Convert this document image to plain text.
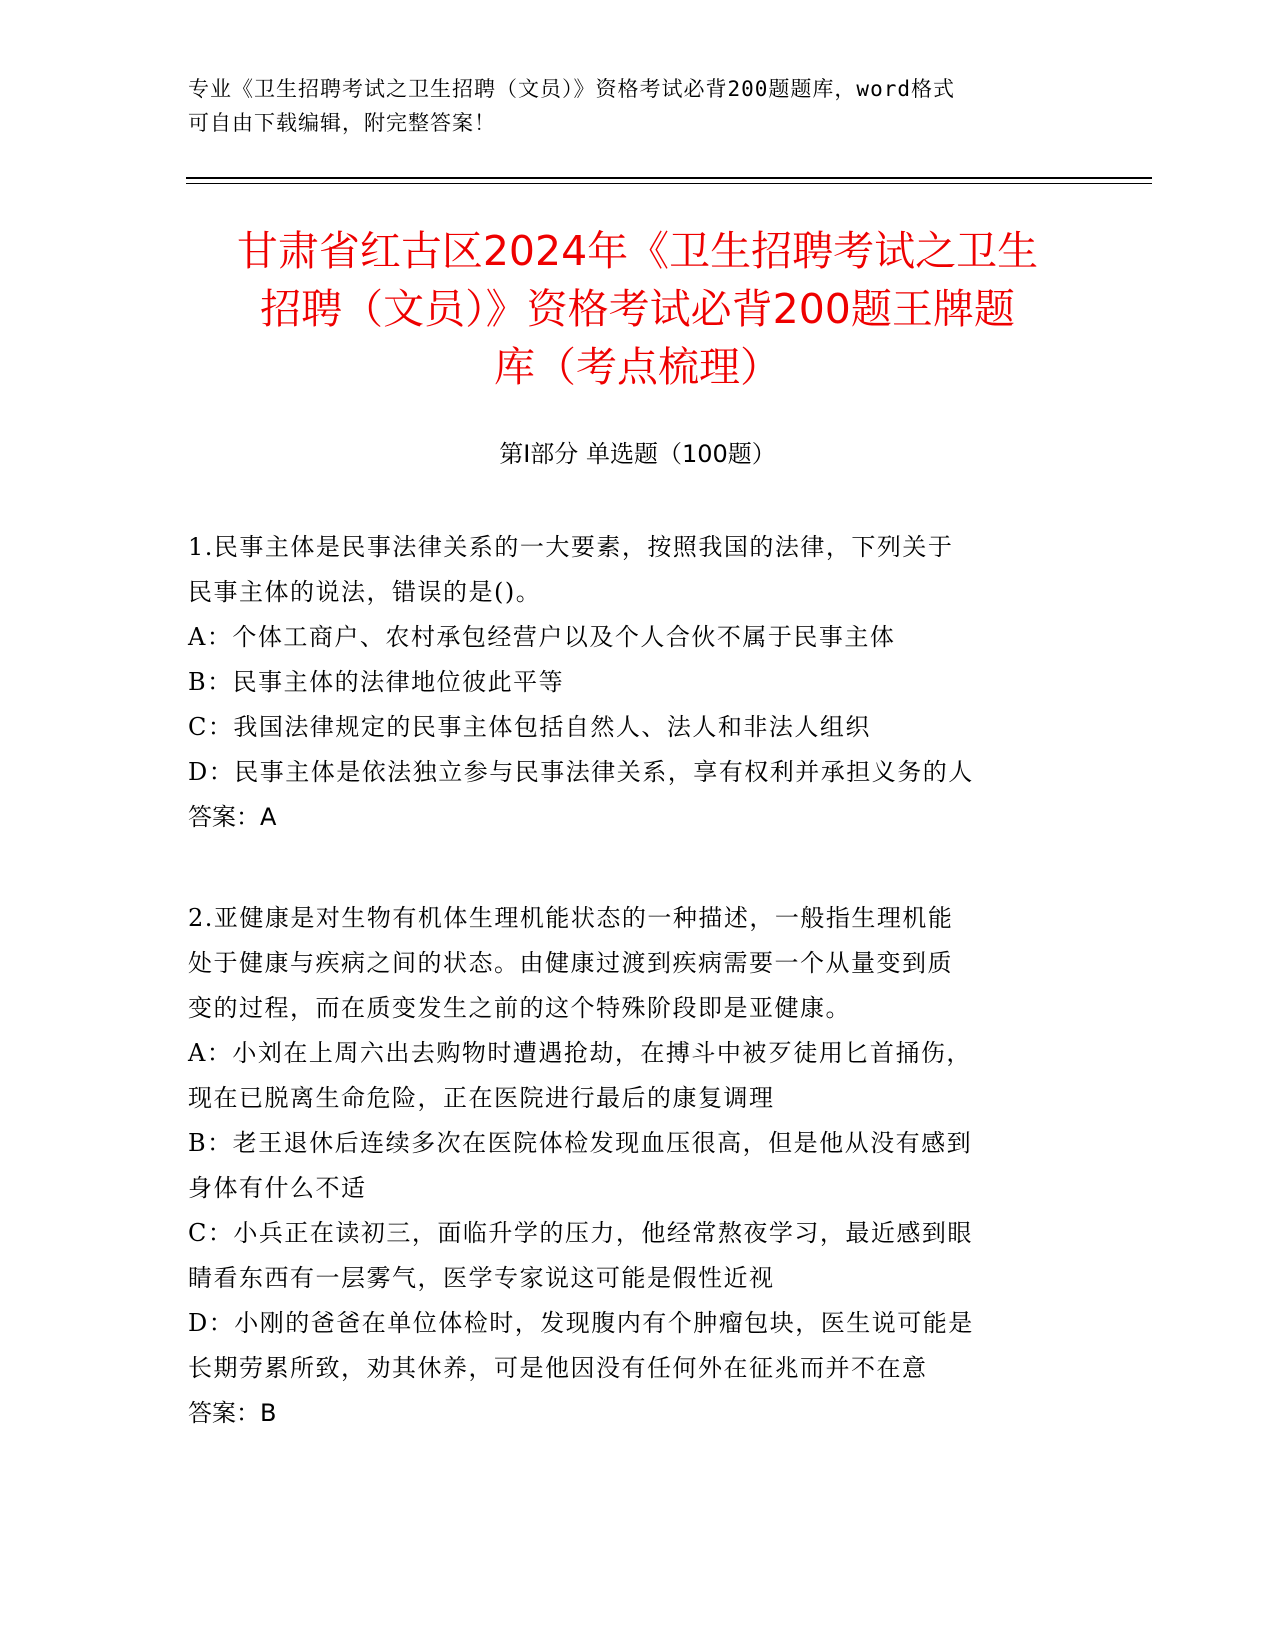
专业《卫生招聘考试之卫生招聘（文员）》资格考试必背200题题库，word格式
可自由下载编辑，附完整答案！
甘肃省红古区2024年《卫生招聘考试之卫生
招聘（文员）》资格考试必背200题王牌题
库（考点梳理）
第Ⅰ部分 单选题（100题）
1.民事主体是民事法律关系的一大要素，按照我国的法律，下列关于
民事主体的说法，错误的是()。
A：个体工商户、农村承包经营户以及个人合伙不属于民事主体
B：民事主体的法律地位彼此平等
C：我国法律规定的民事主体包括自然人、法人和非法人组织
D：民事主体是依法独立参与民事法律关系，享有权利并承担义务的人
答案：A
2.亚健康是对生物有机体生理机能状态的一种描述，一般指生理机能
处于健康与疾病之间的状态。由健康过渡到疾病需要一个从量变到质
变的过程，而在质变发生之前的这个特殊阶段即是亚健康。
A：小刘在上周六出去购物时遭遇抢劫，在搏斗中被歹徒用匕首捅伤，
现在已脱离生命危险，正在医院进行最后的康复调理
B：老王退休后连续多次在医院体检发现血压很高，但是他从没有感到
身体有什么不适
C：小兵正在读初三，面临升学的压力，他经常熬夜学习，最近感到眼
睛看东西有一层雾气，医学专家说这可能是假性近视
D：小刚的爸爸在单位体检时，发现腹内有个肿瘤包块，医生说可能是
长期劳累所致，劝其休养，可是他因没有任何外在征兆而并不在意
答案：B
